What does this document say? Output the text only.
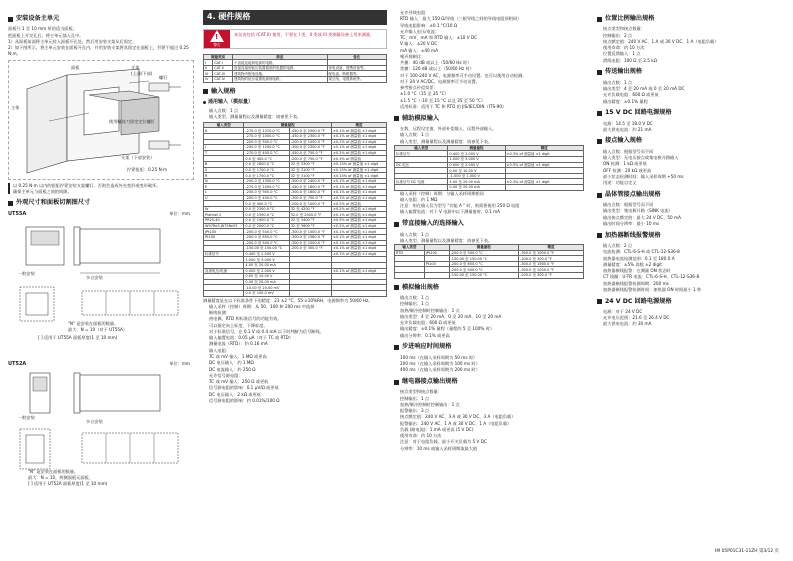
安装设备主单元
面板开 1 至 10 mm 厚的适当面板。
把面板上开完孔后，将主单元插入孔中。
1）从面板前面将主单元装入面板开孔处，然后用安装支架从后固定。
2）如下图所示，将主单元安装在面板开孔内，并用安装支架将其固定在面板上，拧紧不超过 0.25 N·m。
支架
(上部/下部)
面板
螺钉
主体
支架（下部安装）
使用螺丝刀固定定位螺钉
拧紧扭矩：0.25 N·m
以 0.25 N·m 以内的扭矩拧紧安装支架螺钉。否则会造成外壳变形或变形破坏。
确保主单元与面板之间的间隙。
外观尺寸和面板切割图尺寸
UT55A	单位：mm
一般安装
多台安装
"N" 是安装在面板的数量。
最大：N = 10（对于 UT55A）
[ ] 适用于 UT55A 面板厚度(1 至 10 mm)
UT52A	单位：mm
一般安装
多台安装
"N" 是安装在面板的数量。
最大：N = 10，两侧面板无面板。
[ ] 适用于 UT52A 面板厚度(1 至 10 mm)
4. 硬件规格
!
警告
本仪表包括 (CAT.II) 使用，不要在 I 类、II 类或 III 类测量设备上用来测量。
测量类别		描述	备注
I	CAT.I	不直接连接到电源的电路。	
II	CAT.II	直接连接到低压装置插座的电器的电路。	家电设备、便携设备等。
III	CAT.III	建筑物内配电设施。	配电盘、断路器等。
IV	CAT.IV	建筑物的低压装置电源侧电路。	架空线、电缆系统等。
输入规格
通用输入（模拟量）
输入点数：1 点
输入类型、测量量程以及测量精度：请参见下表。
输入类型	测量量程		精度
K	-270.0 至 1370.0 °C	-450.0 至 2500.0 °F	±0.1% of 测量值 ±1 digit
	-270.0 至 1000.0 °C	-450.0 至 2300.0 °F	±0.1% of 测量值 ±1 digit
	-200.0 至 500.0 °C	-200.0 至 1000.0 °F	±0.2% of 测量值 ±1 digit
J	-200.0 至 1200.0 °C	-300.0 至 2300.0 °F	±0.1% of 测量值 ±1 digit
T	-270.0 至 400.0 °C	-450.0 至 750.0 °F	±0.2% of 测量值 ±1 digit
	0.0 至 400.0 °C	-200.0 至 750.0 °F	±0.3% of 测量值
B	0.0 至 1800.0 °C	32 至 3300 °F	±0.15% of 测量值 ±1 digit
S	0.0 至 1700.0 °C	32 至 3100 °F	±0.15% of 测量值 ±1 digit
R	0.0 至 1700.0 °C	32 至 3100 °F	±0.15% of 测量值 ±1 digit
N	-200.0 至 1300.0 °C	-300.0 至 2400.0 °F	±0.1% of 测量值 ±1 digit
E	-270.0 至 1000.0 °C	-450.0 至 1800.0 °F	±0.1% of 测量值 ±1 digit
L	-200.0 至 900.0 °C	-300.0 至 1600.0 °F	±0.1% of 测量值 ±1 digit
U	-200.0 至 400.0 °C	-300.0 至 750.0 °F	±0.1% of 测量值 ±1 digit
	0.0 至 400.0 °C	-200.0 至 1000.0 °F	±0.2% of 测量值
W	0.0 至 2300.0 °C	32 至 4200 °F	±0.2% of 测量值 ±1 digit
Platinel 2	0.0 至 1390.0 °C	32.0 至 2500.0 °F	±0.1% of 测量值 ±1 digit
PR20-40	0.0 至 1900.0 °C	32 至 3400 °F	±0.5% of 测量值 ±1 digit
W97Re3-W75Re25	0.0 至 2000.0 °C	32 至 3600 °F	±0.2% of 测量值 ±1 digit
JPt100	-200.0 至 500.0 °C	-300.0 至 1000.0 °F	±0.1% of 测量值 ±1 digit
Pt100	-200.0 至 850.0 °C	-300.0 至 1560.0 °F	±0.1% of 测量值 ±1 digit
	-200.0 至 500.0 °C	-300.0 至 1000.0 °F	±0.1% of 测量值 ±1 digit
	-150.00 至 150.00 °C	-200.0 至 300.0 °F	±0.1% of 测量值 ±1 digit
标准信号	0.400 至 2.000 V		±0.1% of 测量值 ±1 digit
	1.000 至 5.000 V		
	4.00 至 20.00 mA		
直流电压/电流	0.000 至 2.000 V		±0.1% of 测量值 ±1 digit
	0.00 至 10.00 V		
	0.00 至 20.00 mA		
	-10.00 至 20.00 mV		
	0.0 至 100.0 mV		
测量精度是在以下标准条件下的精度：23 ±2 °C、55 ±10%RH，电源频率为 50/60 Hz。
输入采样（控制）周期：从 50、100 和 200 ms 中选择
断线检测：
热电偶、RTD 和标准信号的功能有效。
可以指定向上标度、下降标度。
对于标准信号，在 0.1 V 或 0.4 mA 以下时判断为信号断线。
输入偏置电流：0.05 μA（对于 TC 或 RTD）
测量电流（RTD）：约 0.16 mA
输入电阻：
TC 或 mV 输入：1 MΩ 或更高
DC 电压输入：约 1 MΩ
DC 电流输入：约 250 Ω
允许信号源电阻：
TC 或 mV 输入：250 Ω 或更低
信号源电阻的影响：0.1 μV/Ω 或更低
DC 电压输入：2 kΩ 或更低
信号源电阻的影响：约 0.01%/100 Ω
允许导线电阻：
RTD 输入：最大 150 Ω/导线（三根导线之间的导线电阻须相同）
导线电阻影响：±0.1 °C/10 Ω
允许输入电压/电流：
TC、mV、mA 和 RTD 输入：±10 V DC
V 输入：±20 V DC
mA 输入：±40 mA
噪声抑制比：
共模：40 dB 或以上（50/60 Hz 时）
常模：120 dB 或以上（50/60 Hz 时）
对于 100-240 V AC，电源频率可手动设置。也可以使用自动检测。
对于 24 V AC/DC，电源频率可手动设置。
参考接点补偿误差：
±1.0 °C（15 至 35 °C）
±1.5 °C（-10 至 15 °C 以及 35 至 50 °C）
适用标准：适用于 TC 和 RTD 的 JIS/IEC/DIN（ITS-90）
辅助模拟输入
在数、远程设定值、外部补偿输入、远程外部输入。
输入点数：1 点
输入类型、测量量程以及测量精度：请参见下表。
输入类型	测量量程	精度
标准信号	0.400 至 2.000 V	±0.3% of 测量值 ±1 digit
	1.000 至 5.000 V	
DC 电压	0.000 至 2.000 V	±0.3% of 测量值 ±1 digit
	0.00 至 10.00 V	
	-1.000 至 1.000 V	
标准信号 DC 电流	4.00 至 20.00 mA	±0.3% of 测量值 ±1 digit
	0.00 至 20.00 mA	
输入采样（控制）周期：与输入采样周期相同
输入电阻：约 1 MΩ
注意：如在输入仅为型号 "功能 A " 时，则需要使用 250 Ω 电阻
输入偏置电流：对于 V 电源中以下测量值时，0.1 mA
带直接输入的选择输入
输入点数：1 点
输入类型、测量量程以及测量精度：请参见下表。
输入类型		测量量程	精度
RTD	JPt100	-200.0 至 500.0 °C	-300.0 至 1000.0 °F
		-150.00 至 150.00 °C	-200.0 至 300.0 °F
	Pt100	-200.0 至 850.0 °C	-300.0 至 1560.0 °F
		-200.0 至 500.0 °C	-300.0 至 1000.0 °F
		-150.00 至 150.00 °C	-200.0 至 300.0 °F
模拟输出规格
输出点数：1 点
控制输出：1 点
加热/制冷控制时控制输出：1 点
输出类型：4 至 20 mA、0 至 20 mA、10 至 20 mA
允许负载电阻：600 Ω 或更低
输出精度：±0.1% 量程（量程的 5 至 100% 时）
输出分辨率：0.1% 或更高
步进响应时间规格
100 ms（在输入采样周期为 50 ms 时）
200 ms（在输入采样周期为 100 ms 时）
400 ms（在输入采样周期为 200 ms 时）
继电器接点输出规格
接点类型和接点数量：
控制输出：1 点
加热/制冷控制时控制输出：1 点
报警输出：3 点
接点额定值：240 V AC、3 A 或 30 V DC、3 A（电阻负载）
报警输出：240 V AC、1 A 或 30 V DC、1 A（电阻负载）
负载 (耐电流)：1 mA 或更高 (5 V DC)
使用寿命：约 10 万次
注意：对于电阻负载，最小开关负载为 5 V DC
分辨率：10 ms 或输入采样周期取最大值
位置比例输出规格
接点类型和接点数量：
控制输出：2 点
接点额定值：240 V AC、1 A 或 30 V DC、1 A（电阻负载）
使用寿命：约 10 万次
位置反馈输入：1 点
滑线电阻：100 Ω 至 2.5 kΩ
传送输出规格
输出点数：1 点
输出类型：4 至 20 mA 或 0 至 20 mA DC
允许负载电阻：600 Ω 或更低
输出精度：±0.1% 量程
15 V DC 回路电源规格
电源：14.5 至 18.0 V DC
最大供电电流：约 21 mA
接点输入规格
输入点数：根据型号而不同
输入类型：无电压接点或集电极开路输入
ON 检测：1 kΩ 或更低
OFF 检测：20 kΩ 或更高
最小状态检测时间：输入采样周期 +50 ms
用途：功能自定义
晶体管接点输出规格
输出点数：根据型号而不同
输出类型：集电极开路（SINK 电流）
输出接点额定值：最大 24 V DC、50 mA
输出时间分辨率：最小 10 ms
加热器断线报警规格
输入点数：2 点
电流检测：CTL-6-S-H 或 CTL-12-S36-8
加热器电流检测范围：0.1 至 180.0 A
测量精度：±5% 读数 ±2 digit
加热器断线报警：在测量 ON 状态时
CT 线圈：U-TR 电流：CTL-6-S-H、CTL-12-S36-8
加热器断线报警检测周期：200 ms
加热器断线报警检测时间：加热器 ON 时间最小 1 秒
24 V DC 回路电源规格
电源：对于 24 V DC
允许电压范围：21.6 至 26.4 V DC
最大供电电流：约 30 mA
IM 05P01C31-11ZH 第3/12 页
